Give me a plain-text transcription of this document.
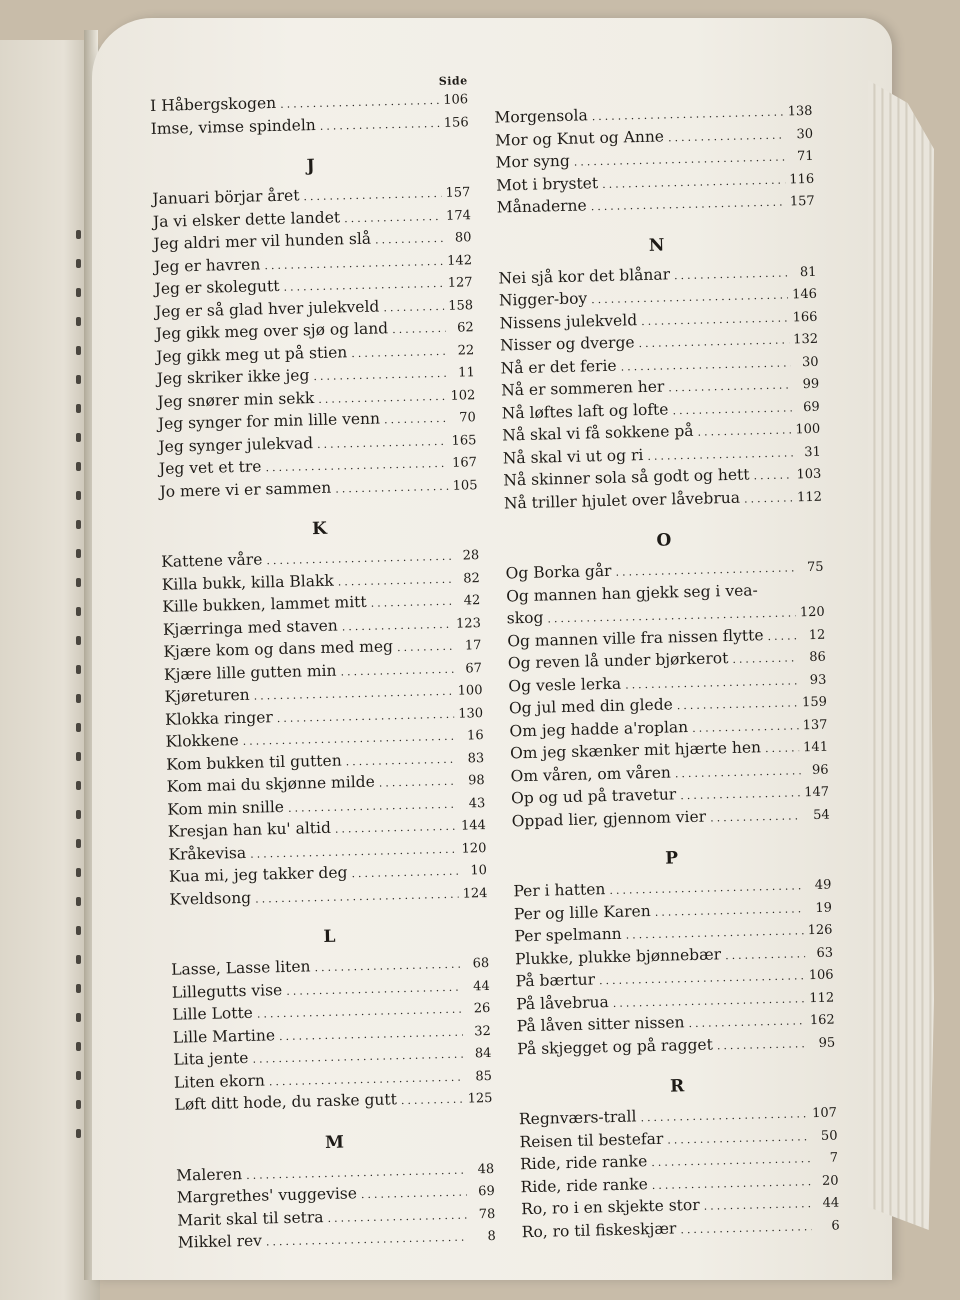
Side
I Håbergskogen .....	106
Imse, vimse spindeln .....	156
J
Januari börjar året .....	157
Ja vi elsker dette landet .....	174
Jeg aldri mer vil hunden slå .....	80
Jeg er havren .....	142
Jeg er skolegutt .....	127
Jeg er så glad hver julekveld .....	158
Jeg gikk meg over sjø og land .....	62
Jeg gikk meg ut på stien .....	22
Jeg skriker ikke jeg .....	11
Jeg snører min sekk .....	102
Jeg synger for min lille venn .....	70
Jeg synger julekvad .....	165
Jeg vet et tre .....	167
Jo mere vi er sammen .....	105
K
Kattene våre .....	28
Killa bukk, killa Blakk .....	82
Kille bukken, lammet mitt .....	42
Kjærringa med staven .....	123
Kjære kom og dans med meg .....	17
Kjære lille gutten min .....	67
Kjøreturen .....	100
Klokka ringer .....	130
Klokkene .....	16
Kom bukken til gutten .....	83
Kom mai du skjønne milde .....	98
Kom min snille .....	43
Kresjan han ku' altid .....	144
Kråkevisa .....	120
Kua mi, jeg takker deg .....	10
Kveldsong .....	124
L
Lasse, Lasse liten .....	68
Lillegutts vise .....	44
Lille Lotte .....	26
Lille Martine .....	32
Lita jente .....	84
Liten ekorn .....	85
Løft ditt hode, du raske gutt .....	125
M
Maleren .....	48
Margrethes' vuggevise .....	69
Marit skal til setra .....	78
Mikkel rev .....	8
Morgensola .....	138
Mor og Knut og Anne .....	30
Mor syng .....	71
Mot i brystet .....	116
Månaderne .....	157
N
Nei sjå kor det blånar .....	81
Nigger-boy .....	146
Nissens julekveld .....	166
Nisser og dverge .....	132
Nå er det ferie .....	30
Nå er sommeren her .....	99
Nå løftes laft og lofte .....	69
Nå skal vi få sokkene på .....	100
Nå skal vi ut og ri .....	31
Nå skinner sola så godt og hett .....	103
Nå triller hjulet over låvebrua .....	112
O
Og Borka går .....	75
Og mannen han gjekk seg i vea-
skog .....	120
Og mannen ville fra nissen flytte .....	12
Og reven lå under bjørkerot .....	86
Og vesle lerka .....	93
Og jul med din glede .....	159
Om jeg hadde a'roplan .....	137
Om jeg skænker mit hjærte hen .....	141
Om våren, om våren .....	96
Op og ud på travetur .....	147
Oppad lier, gjennom vier .....	54
P
Per i hatten .....	49
Per og lille Karen .....	19
Per spelmann .....	126
Plukke, plukke bjønnebær .....	63
På bærtur .....	106
På låvebrua .....	112
På låven sitter nissen .....	162
På skjegget og på ragget .....	95
R
Regnværs-trall .....	107
Reisen til bestefar .....	50
Ride, ride ranke .....	7
Ride, ride ranke .....	20
Ro, ro i en skjekte stor .....	44
Ro, ro til fiskeskjær .....	6
